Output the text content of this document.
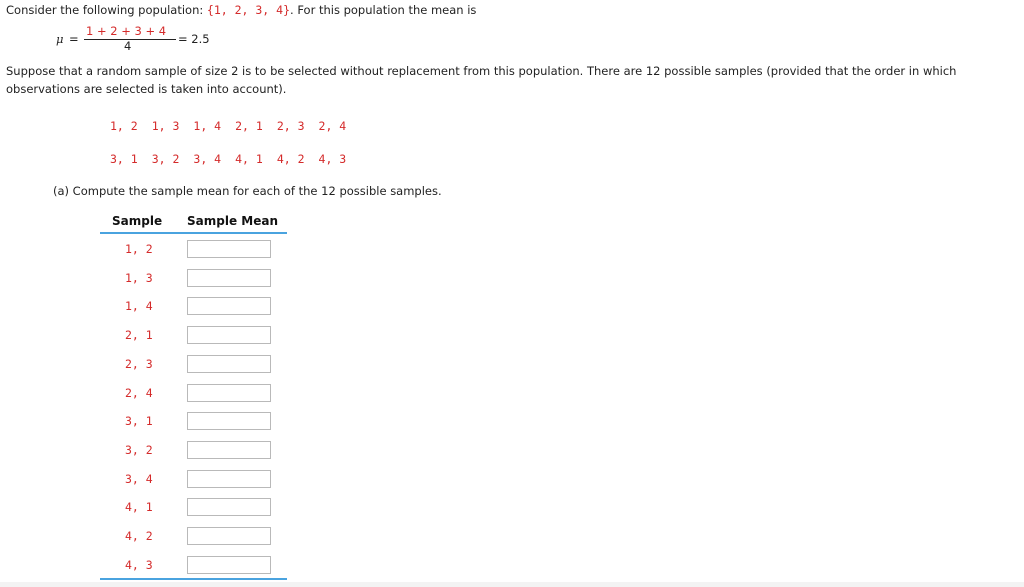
Consider the following population: {1, 2, 3, 4}. For this population the mean is
μ =
1 + 2 + 3 + 4
4	= 2.5
Suppose that a random sample of size 2 is to be selected without replacement from this population. There are 12 possible samples (provided that the order in which observations are selected is taken into account).
1, 2 1, 3 1, 4 2, 1 2, 3 2, 4
3, 1 3, 2 3, 4 4, 1 4, 2 4, 3
(a) Compute the sample mean for each of the 12 possible samples.
Sample Sample Mean
1, 2
1, 3
1, 4
2, 1
2, 3
2, 4
3, 1
3, 2
3, 4
4, 1
4, 2
4, 3
